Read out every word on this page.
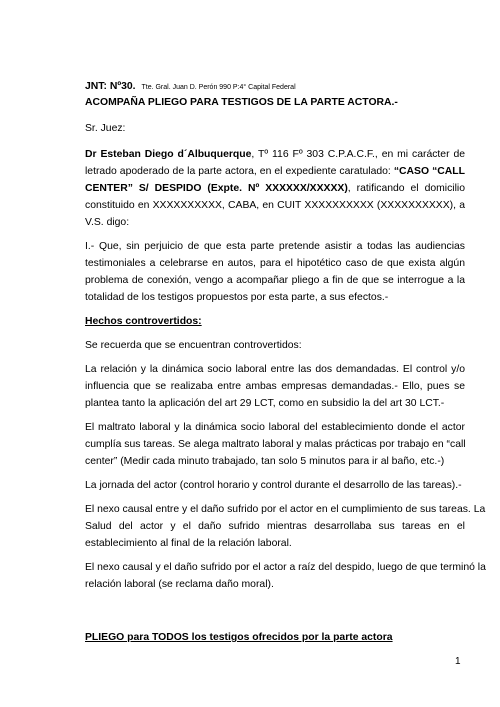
JNT: Nº30. Tte. Gral. Juan D. Perón 990 P:4° Capital Federal
ACOMPAÑA PLIEGO PARA TESTIGOS DE LA PARTE ACTORA.-
Sr. Juez:
Dr Esteban Diego d´Albuquerque, Tº 116 Fº 303 C.P.A.C.F., en mi carácter de
letrado apoderado de la parte actora, en el expediente caratulado: “CASO “CALL
CENTER” S/ DESPIDO (Expte. Nº XXXXXX/XXXXX), ratificando el domicilio
constituido en XXXXXXXXXX, CABA, en CUIT XXXXXXXXXX (XXXXXXXXXX), a
V.S. digo:
I.- Que, sin perjuicio de que esta parte pretende asistir a todas las audiencias
testimoniales a celebrarse en autos, para el hipotético caso de que exista algún
problema de conexión, vengo a acompañar pliego a fin de que se interrogue a la
totalidad de los testigos propuestos por esta parte, a sus efectos.-
Hechos controvertidos:
Se recuerda que se encuentran controvertidos:
La relación y la dinámica socio laboral entre las dos demandadas. El control y/o
influencia que se realizaba entre ambas empresas demandadas.- Ello, pues se
plantea tanto la aplicación del art 29 LCT, como en subsidio la del art 30 LCT.-
El maltrato laboral y la dinámica socio laboral del establecimiento donde el actor
cumplía sus tareas. Se alega maltrato laboral y malas prácticas por trabajo en “call
center” (Medir cada minuto trabajado, tan solo 5 minutos para ir al baño, etc.-)
La jornada del actor (control horario y control durante el desarrollo de las tareas).-
El nexo causal entre y el daño sufrido por el actor en el cumplimiento de sus tareas. La
Salud del actor y el daño sufrido mientras desarrollaba sus tareas en el
establecimiento al final de la relación laboral.
El nexo causal y el daño sufrido por el actor a raíz del despido, luego de que terminó la
relación laboral (se reclama daño moral).
PLIEGO para TODOS los testigos ofrecidos por la parte actora
1
